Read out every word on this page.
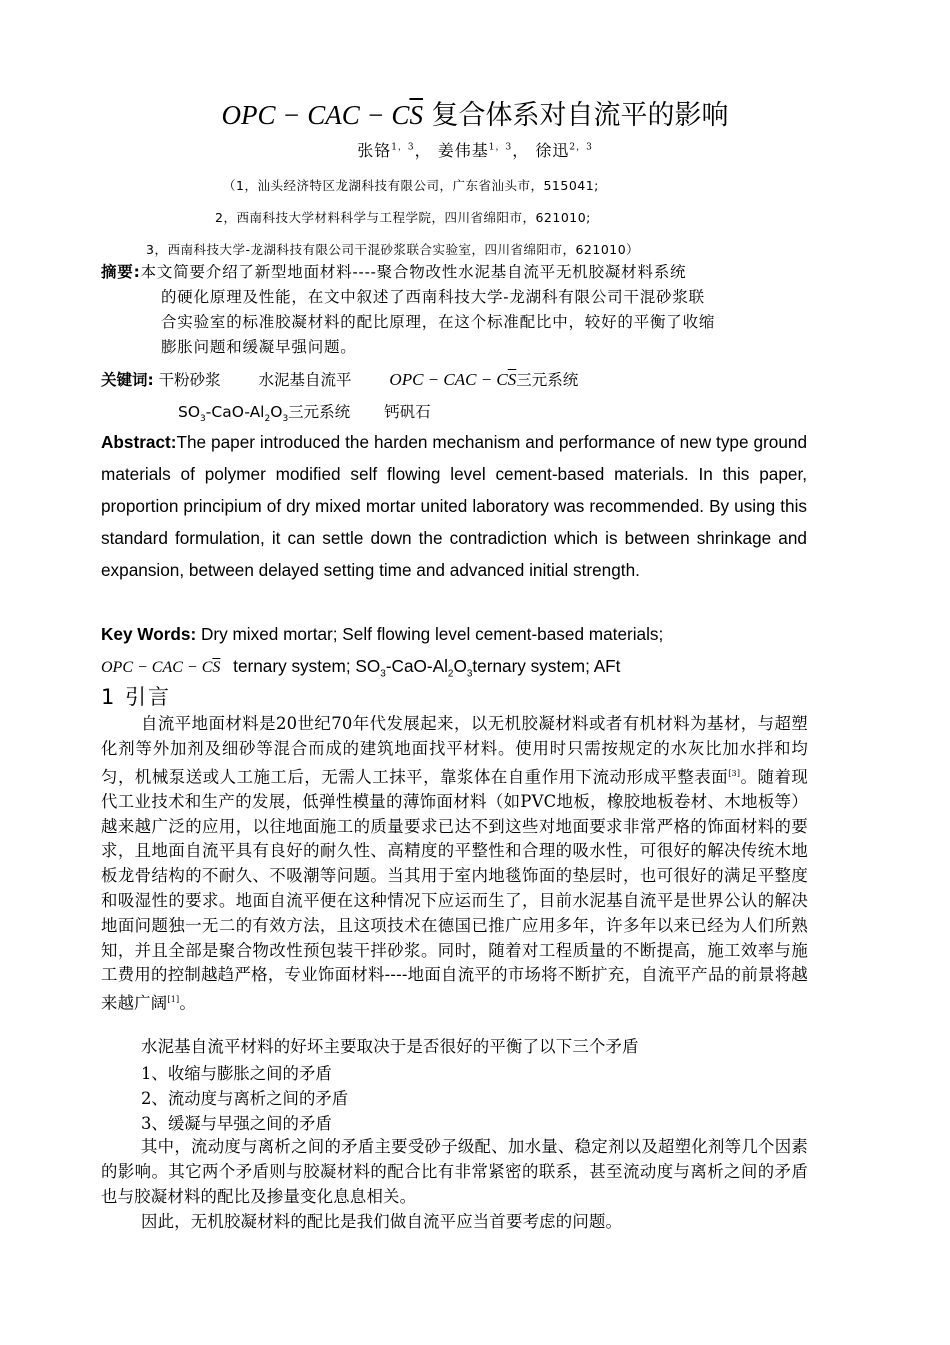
OPC − CAC − $C\overline{S}$ 复合体系对自流平的影响
张铬$^{1,3}$， 姜伟基$^{1,3}$， 徐迅$^{2,3}$
（1，汕头经济特区龙湖科技有限公司，广东省汕头市，515041;
2，西南科技大学材料科学与工程学院，四川省绵阳市，621010;
3，西南科技大学-龙湖科技有限公司干混砂浆联合实验室，四川省绵阳市，621010）
摘要:本文简要介绍了新型地面材料----聚合物改性水泥基自流平无机胶凝材料系统
的硬化原理及性能，在文中叙述了西南科技大学-龙湖科有限公司干混砂浆联
合实验室的标准胶凝材料的配比原理，在这个标准配比中，较好的平衡了收缩
膨胀问题和缓凝早强问题。
关键词: 干粉砂浆 水泥基自流平 OPC − CAC − $C\overline{S}$三元系统
$SO_3-CaO-Al_2O_3$三元系统 钙矾石
Abstract:The paper introduced the harden mechanism and performance of new type ground materials of polymer modified self flowing level cement-based materials. In this paper, proportion principium of dry mixed mortar united laboratory was recommended. By using this standard formulation, it can settle down the contradiction which is between shrinkage and expansion, between delayed setting time and advanced initial strength.
Key Words: Dry mixed mortar; Self flowing level cement-based materials;
OPC − CAC − $C\overline{S}$ ternary system; $SO_3-CaO-Al_2O_3ternary$ system; AFt
1 引言
自流平地面材料是20世纪70年代发展起来，以无机胶凝材料或者有机材料为基材，与超塑化剂等外加剂及细砂等混合而成的建筑地面找平材料。使用时只需按规定的水灰比加水拌和均匀，机械泵送或人工施工后，无需人工抹平，靠浆体在自重作用下流动形成平整表面[3]。随着现代工业技术和生产的发展，低弹性模量的薄饰面材料（如PVC地板，橡胶地板卷材、木地板等）越来越广泛的应用，以往地面施工的质量要求已达不到这些对地面要求非常严格的饰面材料的要求，且地面自流平具有良好的耐久性、高精度的平整性和合理的吸水性，可很好的解决传统木地板龙骨结构的不耐久、不吸潮等问题。当其用于室内地毯饰面的垫层时，也可很好的满足平整度和吸湿性的要求。地面自流平便在这种情况下应运而生了，目前水泥基自流平是世界公认的解决地面问题独一无二的有效方法，且这项技术在德国已推广应用多年，许多年以来已经为人们所熟知，并且全部是聚合物改性预包装干拌砂浆。同时，随着对工程质量的不断提高，施工效率与施工费用的控制越趋严格，专业饰面材料----地面自流平的市场将不断扩充，自流平产品的前景将越来越广阔[1]。
水泥基自流平材料的好坏主要取决于是否很好的平衡了以下三个矛盾
1、收缩与膨胀之间的矛盾
2、流动度与离析之间的矛盾
3、缓凝与早强之间的矛盾
其中，流动度与离析之间的矛盾主要受砂子级配、加水量、稳定剂以及超塑化剂等几个因素的影响。其它两个矛盾则与胶凝材料的配合比有非常紧密的联系，甚至流动度与离析之间的矛盾也与胶凝材料的配比及掺量变化息息相关。
因此，无机胶凝材料的配比是我们做自流平应当首要考虑的问题。
